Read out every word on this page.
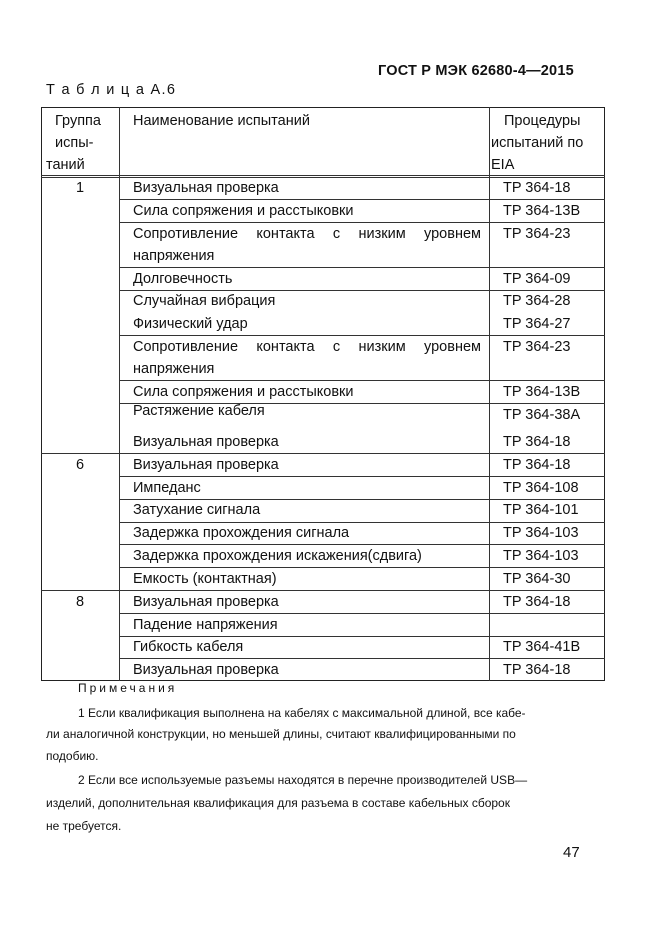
ГОСТ Р МЭК 62680-4—2015
Т а б л и ц а А.6
Группа
испы-
таний
Наименование испытаний	Процедуры
испытаний по
EIA
1
6
8
Визуальная проверка
Сила сопряжения и расстыковки
Сопротивление контакта с низким уровнем
напряжения
Долговечность
Случайная вибрация
Физический удар
Сопротивление контакта с низким уровнем
напряжения
Сила сопряжения и расстыковки
Растяжение кабеля
Визуальная проверка
Визуальная проверка
Импеданс
Затухание сигнала
Задержка прохождения сигнала
Задержка прохождения искажения(сдвига)
Емкость (контактная)
Визуальная проверка
Падение напряжения
Гибкость кабеля
Визуальная проверка
TP 364-18
TP 364-13B
TP 364-23
TP 364-09
TP 364-28
TP 364-27
TP 364-23
TP 364-13B
TP 364-38A
TP 364-18
TP 364-18
TP 364-108
TP 364-101
TP 364-103
TP 364-103
TP 364-30
TP 364-18
TP 364-41B
TP 364-18
Примечания
1 Если квалификация выполнена на кабелях с максимальной длиной, все кабе-
ли аналогичной конструкции, но меньшей длины, считают квалифицированными по
подобию.
2 Если все используемые разъемы находятся в перечне производителей USB—
изделий, дополнительная квалификация для разъема в составе кабельных сборок
не требуется.
47
